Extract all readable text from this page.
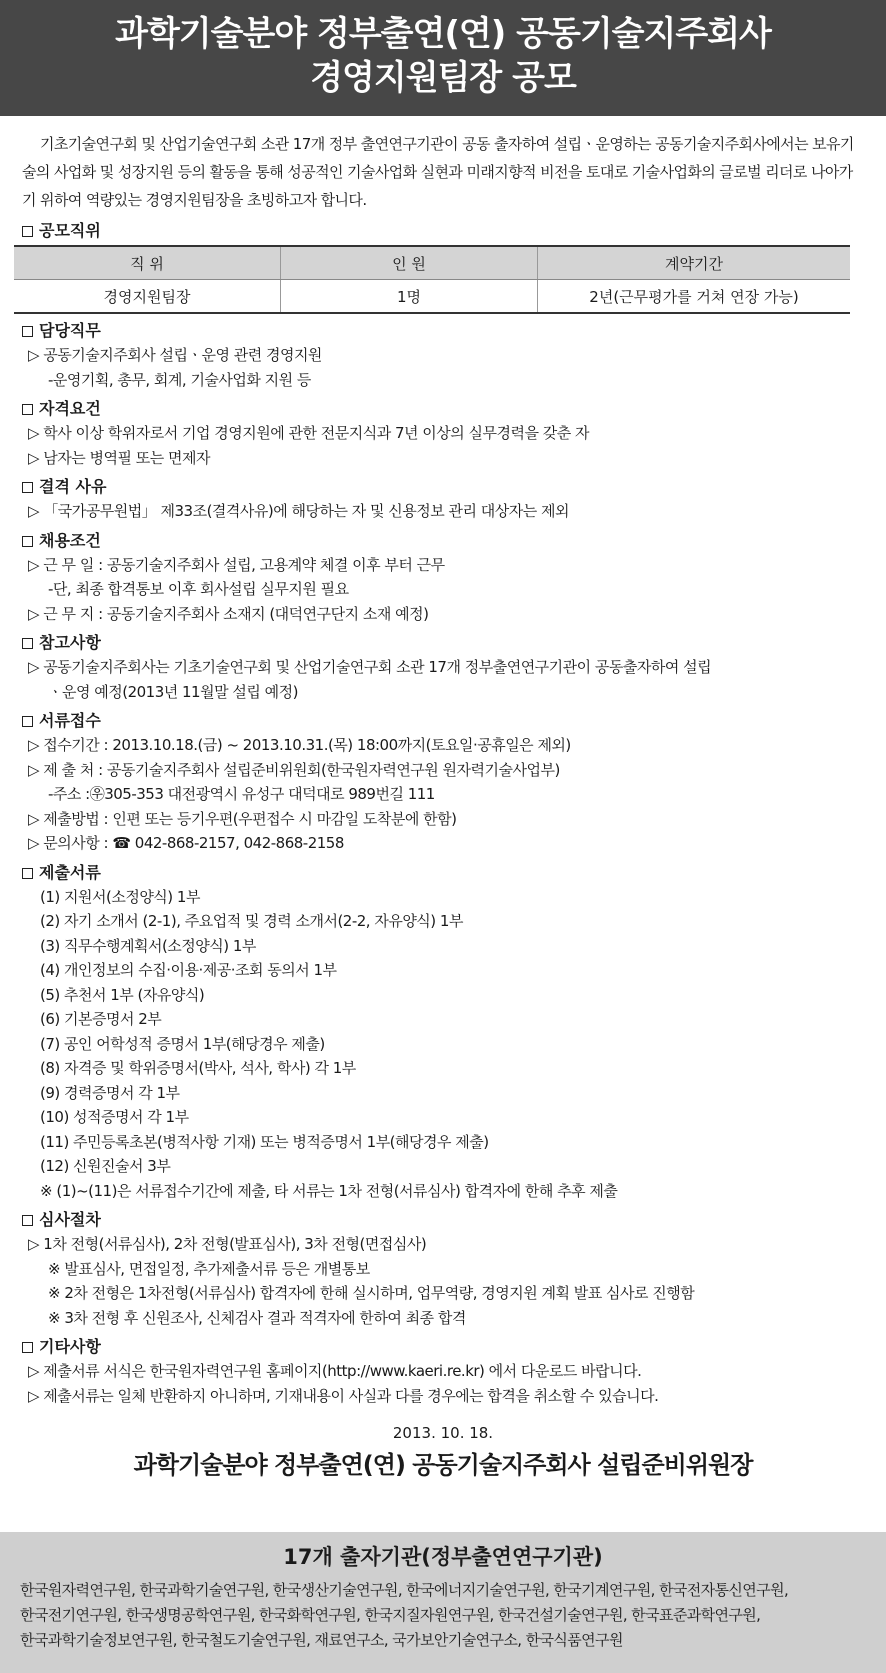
과학기술분야 정부출연(연) 공동기술지주회사
경영지원팀장 공모
기초기술연구회 및 산업기술연구회 소관 17개 정부 출연연구기관이 공동 출자하여 설립ㆍ운영하는 공동기술지주회사에서는 보유기술의 사업화 및 성장지원 등의 활동을 통해 성공적인 기술사업화 실현과 미래지향적 비전을 토대로 기술사업화의 글로벌 리더로 나아가기 위하여 역량있는 경영지원팀장을 초빙하고자 합니다.
공모직위
직 위	인 원	계약기간
경영지원팀장	1명	2년(근무평가를 거쳐 연장 가능)
담당직무
▷ 공동기술지주회사 설립ㆍ운영 관련 경영지원
-운영기획, 총무, 회계, 기술사업화 지원 등
자격요건
▷ 학사 이상 학위자로서 기업 경영지원에 관한 전문지식과 7년 이상의 실무경력을 갖춘 자
▷ 남자는 병역필 또는 면제자
결격 사유
▷ 「국가공무원법」 제33조(결격사유)에 해당하는 자 및 신용정보 관리 대상자는 제외
채용조건
▷ 근 무 일 : 공동기술지주회사 설립, 고용계약 체결 이후 부터 근무
-단, 최종 합격통보 이후 회사설립 실무지원 필요
▷ 근 무 지 : 공동기술지주회사 소재지 (대덕연구단지 소재 예정)
참고사항
▷ 공동기술지주회사는 기초기술연구회 및 산업기술연구회 소관 17개 정부출연연구기관이 공동출자하여 설립
ㆍ운영 예정(2013년 11월말 설립 예정)
서류접수
▷ 접수기간 : 2013.10.18.(금) ~ 2013.10.31.(목) 18:00까지(토요일·공휴일은 제외)
▷ 제 출 처 : 공동기술지주회사 설립준비위원회(한국원자력연구원 원자력기술사업부)
-주소 :㉾305-353 대전광역시 유성구 대덕대로 989번길 111
▷ 제출방법 : 인편 또는 등기우편(우편접수 시 마감일 도착분에 한함)
▷ 문의사항 : ☎ 042-868-2157, 042-868-2158
제출서류
(1) 지원서(소정양식) 1부
(2) 자기 소개서 (2-1), 주요업적 및 경력 소개서(2-2, 자유양식) 1부
(3) 직무수행계획서(소정양식) 1부
(4) 개인정보의 수집·이용·제공·조회 동의서 1부
(5) 추천서 1부 (자유양식)
(6) 기본증명서 2부
(7) 공인 어학성적 증명서 1부(해당경우 제출)
(8) 자격증 및 학위증명서(박사, 석사, 학사) 각 1부
(9) 경력증명서 각 1부
(10) 성적증명서 각 1부
(11) 주민등록초본(병적사항 기재) 또는 병적증명서 1부(해당경우 제출)
(12) 신원진술서 3부
※ (1)~(11)은 서류접수기간에 제출, 타 서류는 1차 전형(서류심사) 합격자에 한해 추후 제출
심사절차
▷ 1차 전형(서류심사), 2차 전형(발표심사), 3차 전형(면접심사)
※ 발표심사, 면접일정, 추가제출서류 등은 개별통보
※ 2차 전형은 1차전형(서류심사) 합격자에 한해 실시하며, 업무역량, 경영지원 계획 발표 심사로 진행함
※ 3차 전형 후 신원조사, 신체검사 결과 적격자에 한하여 최종 합격
기타사항
▷ 제출서류 서식은 한국원자력연구원 홈페이지(http://www.kaeri.re.kr) 에서 다운로드 바랍니다.
▷ 제출서류는 일체 반환하지 아니하며, 기재내용이 사실과 다를 경우에는 합격을 취소할 수 있습니다.
2013. 10. 18.
과학기술분야 정부출연(연) 공동기술지주회사 설립준비위원장
17개 출자기관(정부출연연구기관)
한국원자력연구원, 한국과학기술연구원, 한국생산기술연구원, 한국에너지기술연구원, 한국기계연구원, 한국전자통신연구원,
한국전기연구원, 한국생명공학연구원, 한국화학연구원, 한국지질자원연구원, 한국건설기술연구원, 한국표준과학연구원,
한국과학기술정보연구원, 한국철도기술연구원, 재료연구소, 국가보안기술연구소, 한국식품연구원
